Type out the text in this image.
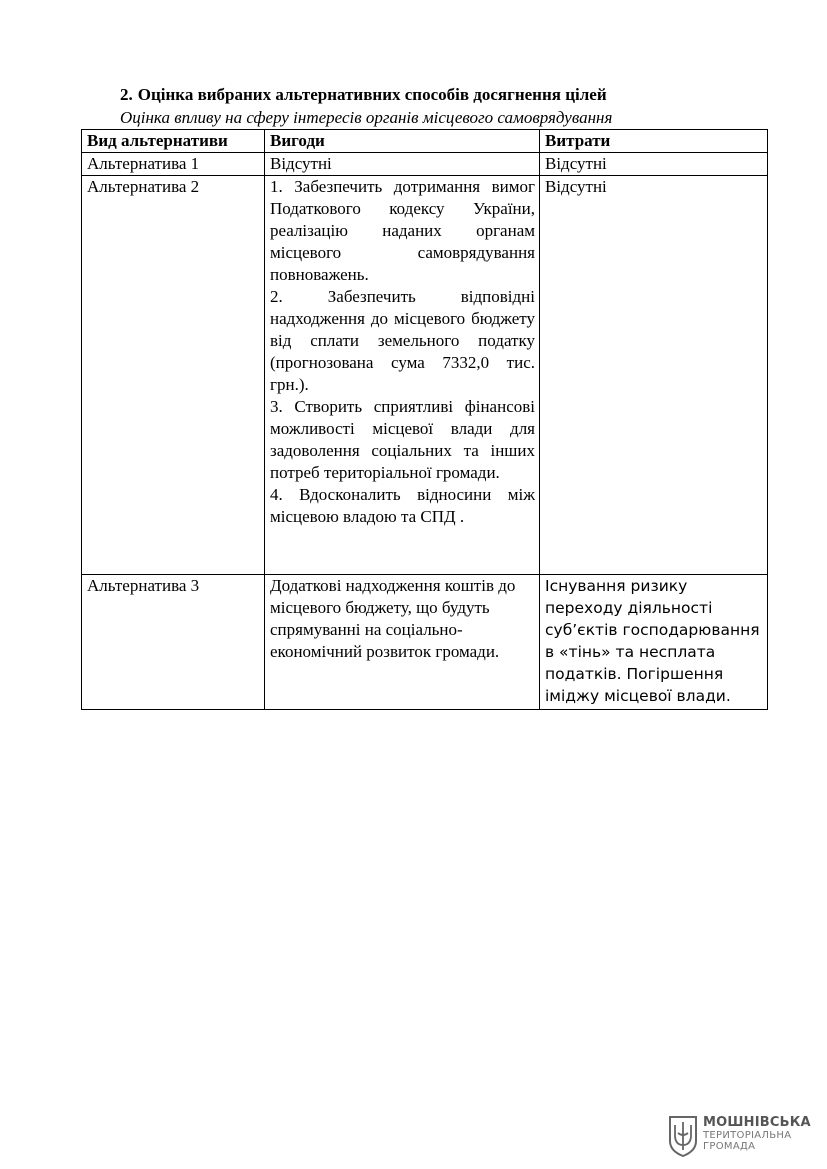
2. Оцінка вибраних альтернативних способів досягнення цілей
Оцінка впливу на сферу інтересів органів місцевого самоврядування
Вид альтернативи	Вигоди	Витрати
Альтернатива 1	Відсутні	Відсутні
Альтернатива 2	1. Забезпечить дотримання вимог Податкового кодексу України, реалізацію наданих органам місцевого самоврядування повноважень.
2. Забезпечить відповідні надходження до місцевого бюджету від сплати земельного податку (прогнозована сума 7332,0 тис. грн.).
3. Створить сприятливі фінансові можливості місцевої влади для задоволення соціальних та інших потреб територіальної громади.
4. Вдосконалить відносини між місцевою владою та СПД .	Відсутні
Альтернатива 3	Додаткові надходження коштів до місцевого бюджету, що будуть спрямуванні на соціально- економічний розвиток громади.	Існування ризику переходу діяльності суб’єктів господарювання в «тінь» та несплата податків. Погіршення іміджу місцевої влади.
МОШНІВСЬКА
ТЕРИТОРІАЛЬНА
ГРОМАДА
